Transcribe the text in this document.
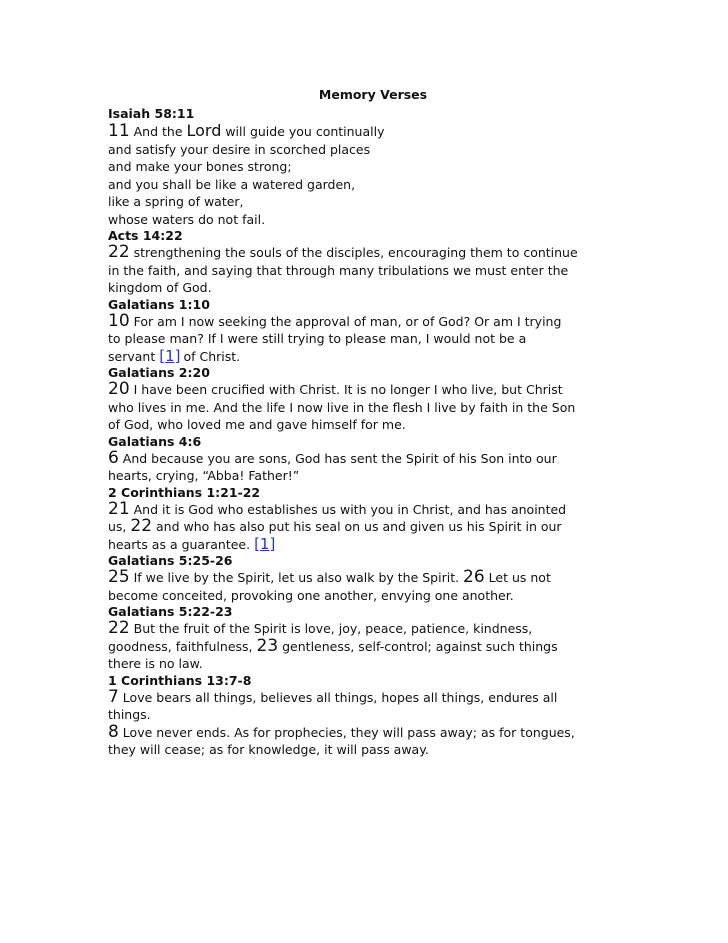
Memory Verses
Isaiah 58:11
11 And the Lord will guide you continually
and satisfy your desire in scorched places
and make your bones strong;
and you shall be like a watered garden,
like a spring of water,
whose waters do not fail.
Acts 14:22
22 strengthening the souls of the disciples, encouraging them to continue
in the faith, and saying that through many tribulations we must enter the
kingdom of God.
Galatians 1:10
10 For am I now seeking the approval of man, or of God? Or am I trying
to please man? If I were still trying to please man, I would not be a
servant [1] of Christ.
Galatians 2:20
20 I have been crucified with Christ. It is no longer I who live, but Christ
who lives in me. And the life I now live in the flesh I live by faith in the Son
of God, who loved me and gave himself for me.
Galatians 4:6
6 And because you are sons, God has sent the Spirit of his Son into our
hearts, crying, “Abba! Father!”
2 Corinthians 1:21-22
21 And it is God who establishes us with you in Christ, and has anointed
us, 22 and who has also put his seal on us and given us his Spirit in our
hearts as a guarantee. [1]
Galatians 5:25-26
25 If we live by the Spirit, let us also walk by the Spirit. 26 Let us not
become conceited, provoking one another, envying one another.
Galatians 5:22-23
22 But the fruit of the Spirit is love, joy, peace, patience, kindness,
goodness, faithfulness, 23 gentleness, self-control; against such things
there is no law.
1 Corinthians 13:7-8
7 Love bears all things, believes all things, hopes all things, endures all
things.
8 Love never ends. As for prophecies, they will pass away; as for tongues,
they will cease; as for knowledge, it will pass away.
